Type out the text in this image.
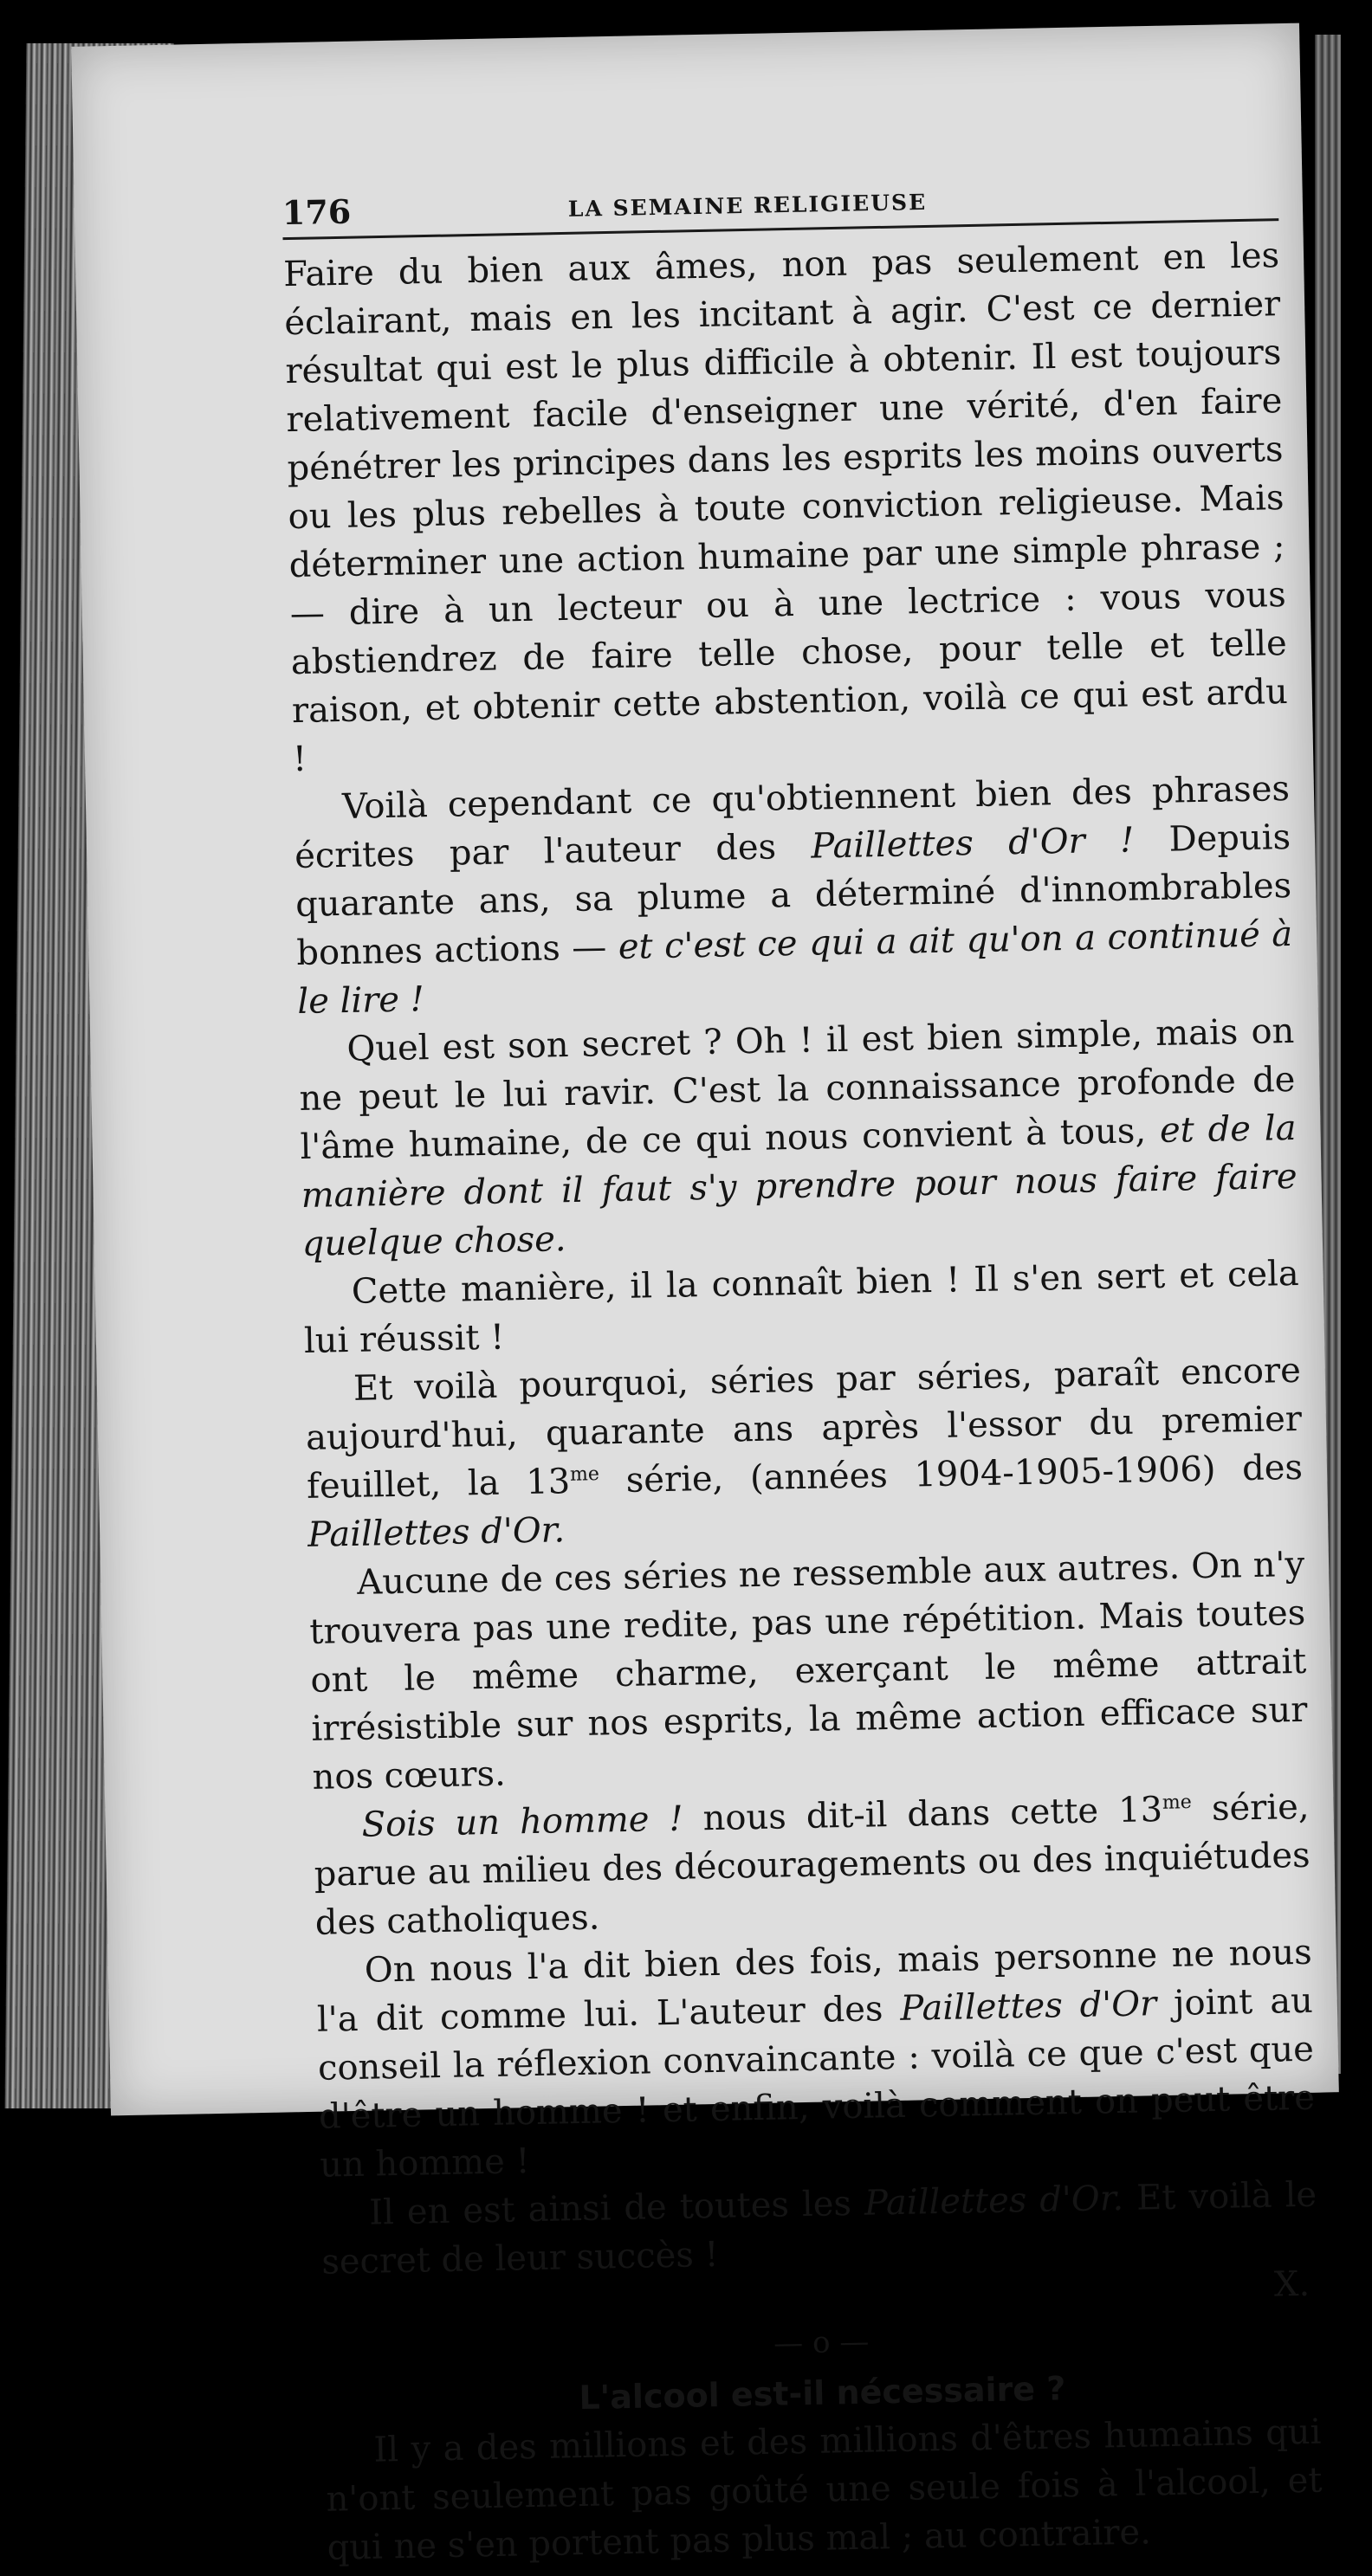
176	LA SEMAINE RELIGIEUSE

Faire du bien aux âmes, non pas seulement en les éclairant, mais en les incitant à agir. C'est ce dernier résultat qui est le plus difficile à obtenir. Il est toujours relativement facile d'enseigner une vérité, d'en faire pénétrer les principes dans les esprits les moins ouverts ou les plus rebelles à toute conviction religieuse. Mais déterminer une action humaine par une simple phrase ; — dire à un lecteur ou à une lectrice : vous vous abstiendrez de faire telle chose, pour telle et telle raison, et obtenir cette abstention, voilà ce qui est ardu !

Voilà cependant ce qu'obtiennent bien des phrases écrites par l'auteur des Paillettes d'Or ! Depuis quarante ans, sa plume a déterminé d'innombrables bonnes actions — et c'est ce qui a ait qu'on a continué à le lire !

Quel est son secret ? Oh ! il est bien simple, mais on ne peut le lui ravir. C'est la connaissance profonde de l'âme humaine, de ce qui nous convient à tous, et de la manière dont il faut s'y prendre pour nous faire faire quelque chose.

Cette manière, il la connaît bien ! Il s'en sert et cela lui réussit !

Et voilà pourquoi, séries par séries, paraît encore aujourd'hui, quarante ans après l'essor du premier feuillet, la $13^{me}$ série, (années 1904-1905-1906) des Paillettes d'Or.

Aucune de ces séries ne ressemble aux autres. On n'y trouvera pas une redite, pas une répétition. Mais toutes ont le même charme, exerçant le même attrait irrésistible sur nos esprits, la même action efficace sur nos cœurs.

Sois un homme ! nous dit-il dans cette $13^{me}$ série, parue au milieu des découragements ou des inquiétudes des catholiques.

On nous l'a dit bien des fois, mais personne ne nous l'a dit comme lui. L'auteur des Paillettes d'Or joint au conseil la réflexion convaincante : voilà ce que c'est que d'être un homme ! et enfin, voilà comment on peut être un homme !

Il en est ainsi de toutes les Paillettes d'Or. Et voilà le secret de leur succès !

X.
— o —
L'alcool est-il nécessaire ?

Il y a des millions et des millions d'êtres humains qui n'ont seulement pas goûté une seule fois à l'alcool, et qui ne s'en portent pas plus mal ; au contraire.
